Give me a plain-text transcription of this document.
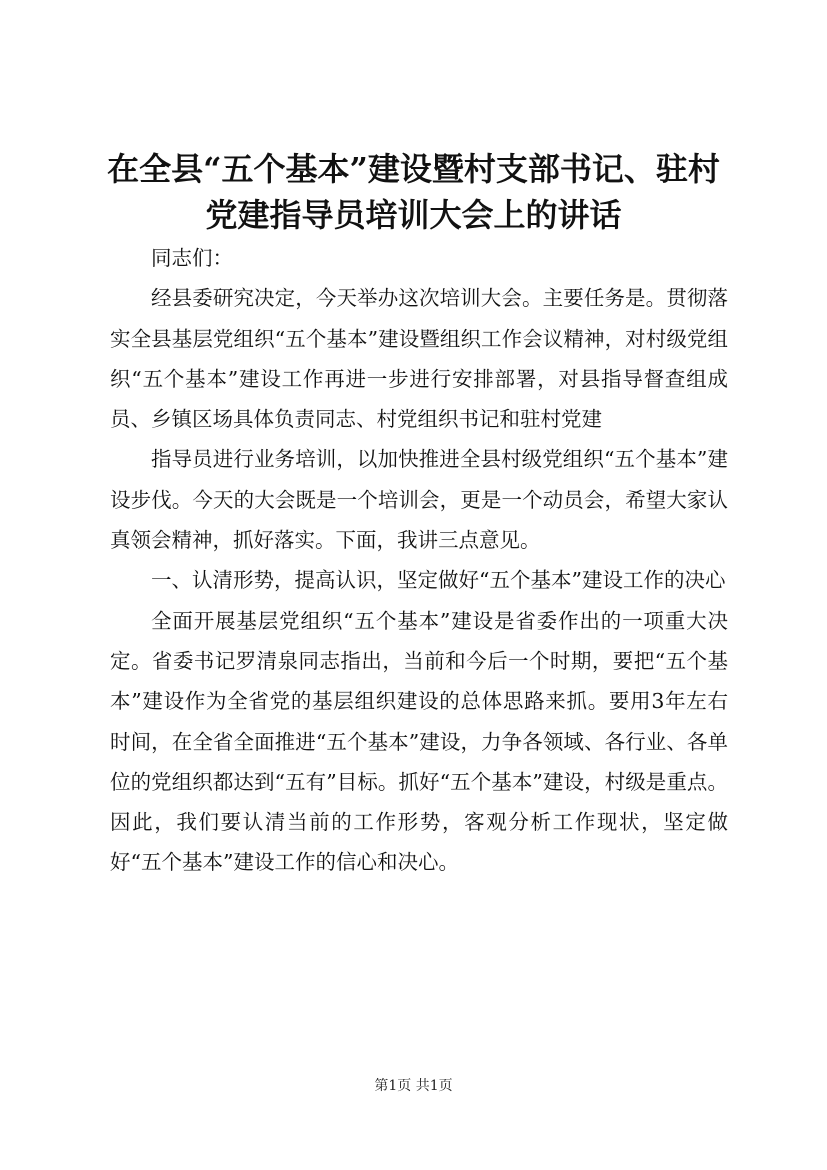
在全县“五个基本”建设暨村支部书记、驻村党建指导员培训大会上的讲话

同志们：

经县委研究决定，今天举办这次培训大会。主要任务是。贯彻落实全县基层党组织“五个基本”建设暨组织工作会议精神，对村级党组织“五个基本”建设工作再进一步进行安排部署，对县指导督查组成员、乡镇区场具体负责同志、村党组织书记和驻村党建

指导员进行业务培训，以加快推进全县村级党组织“五个基本”建设步伐。今天的大会既是一个培训会，更是一个动员会，希望大家认真领会精神，抓好落实。下面，我讲三点意见。

一、认清形势，提高认识，坚定做好“五个基本”建设工作的决心

全面开展基层党组织“五个基本”建设是省委作出的一项重大决定。省委书记罗清泉同志指出，当前和今后一个时期，要把“五个基本”建设作为全省党的基层组织建设的总体思路来抓。要用3年左右时间，在全省全面推进“五个基本”建设，力争各领域、各行业、各单位的党组织都达到“五有”目标。抓好“五个基本”建设，村级是重点。因此，我们要认清当前的工作形势，客观分析工作现状，坚定做好“五个基本”建设工作的信心和决心。

第1页 共1页
